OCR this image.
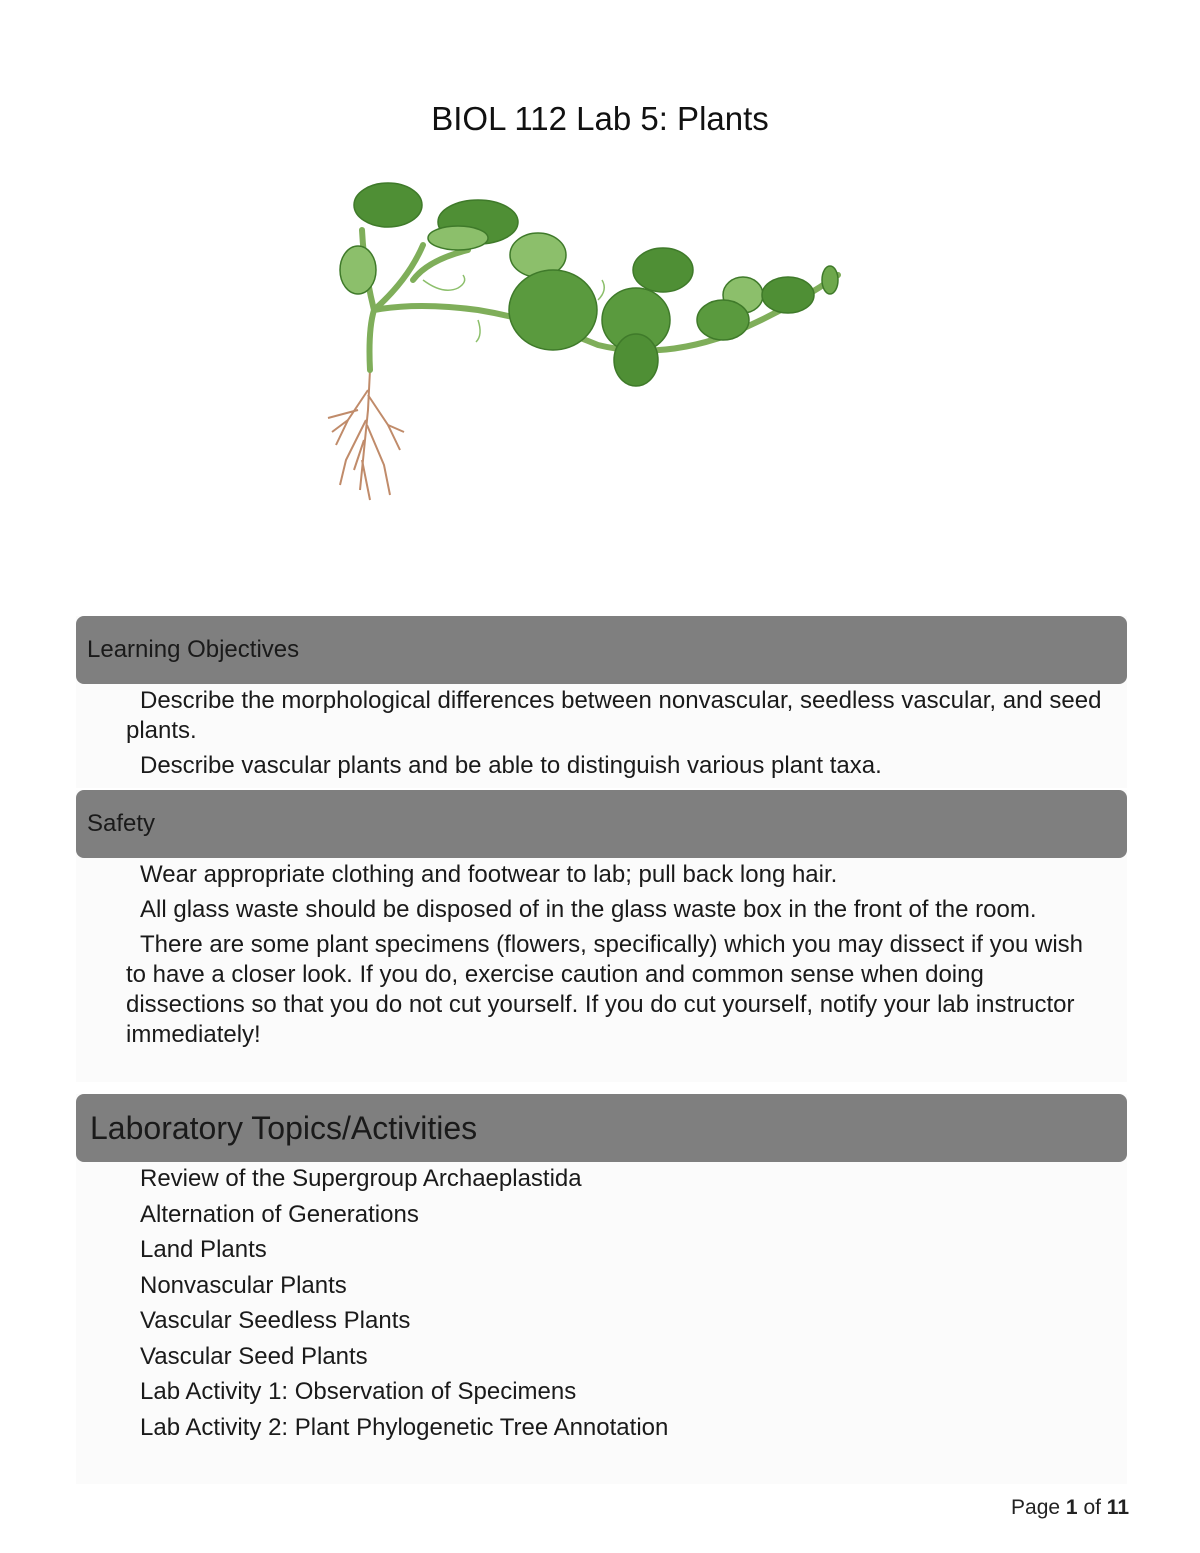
BIOL 112 Lab 5: Plants
Learning Objectives
Describe the morphological differences between nonvascular, seedless vascular, and seed plants.
Describe vascular plants and be able to distinguish various plant taxa.
Safety
Wear appropriate clothing and footwear to lab; pull back long hair.
All glass waste should be disposed of in the glass waste box in the front of the room.
There are some plant specimens (flowers, specifically) which you may dissect if you wish to have a closer look. If you do, exercise caution and common sense when doing dissections so that you do not cut yourself. If you do cut yourself, notify your lab instructor immediately!
Laboratory Topics/Activities
Review of the Supergroup Archaeplastida
Alternation of Generations
Land Plants
Nonvascular Plants
Vascular Seedless Plants
Vascular Seed Plants
Lab Activity 1: Observation of Specimens
Lab Activity 2: Plant Phylogenetic Tree Annotation
Page 1 of 11
